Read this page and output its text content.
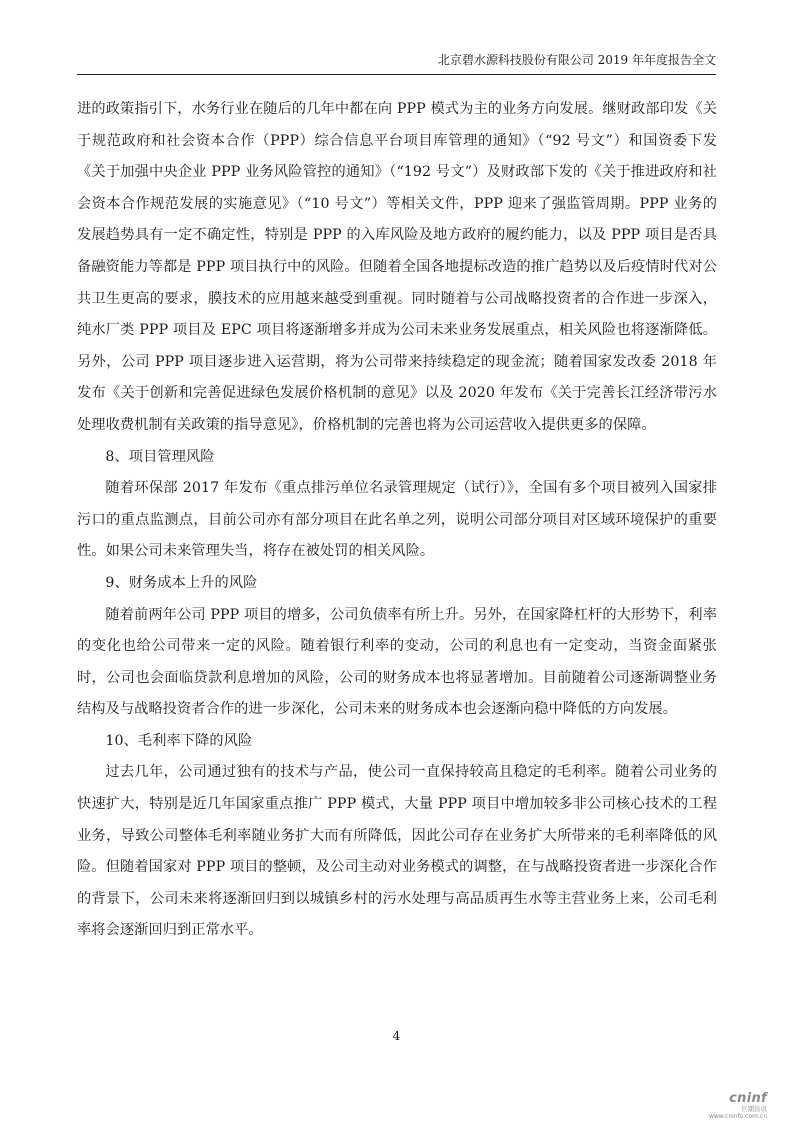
北京碧水源科技股份有限公司 2019 年年度报告全文

进的政策指引下，水务行业在随后的几年中都在向 PPP 模式为主的业务方向发展。继财政部印发《关于规范政府和社会资本合作（PPP）综合信息平台项目库管理的通知》（“92 号文”）和国资委下发《关于加强中央企业 PPP 业务风险管控的通知》（“192 号文”）及财政部下发的《关于推进政府和社会资本合作规范发展的实施意见》（“10 号文”）等相关文件，PPP 迎来了强监管周期。PPP 业务的发展趋势具有一定不确定性，特别是 PPP 的入库风险及地方政府的履约能力，以及 PPP 项目是否具备融资能力等都是 PPP 项目执行中的风险。但随着全国各地提标改造的推广趋势以及后疫情时代对公共卫生更高的要求，膜技术的应用越来越受到重视。同时随着与公司战略投资者的合作进一步深入，纯水厂类 PPP 项目及 EPC 项目将逐渐增多并成为公司未来业务发展重点，相关风险也将逐渐降低。另外，公司 PPP 项目逐步进入运营期，将为公司带来持续稳定的现金流；随着国家发改委 2018 年发布《关于创新和完善促进绿色发展价格机制的意见》以及 2020 年发布《关于完善长江经济带污水处理收费机制有关政策的指导意见》，价格机制的完善也将为公司运营收入提供更多的保障。

8、项目管理风险

随着环保部 2017 年发布《重点排污单位名录管理规定（试行）》，全国有多个项目被列入国家排污口的重点监测点，目前公司亦有部分项目在此名单之列，说明公司部分项目对区域环境保护的重要性。如果公司未来管理失当，将存在被处罚的相关风险。

9、财务成本上升的风险

随着前两年公司 PPP 项目的增多，公司负债率有所上升。另外，在国家降杠杆的大形势下，利率的变化也给公司带来一定的风险。随着银行利率的变动，公司的利息也有一定变动，当资金面紧张时，公司也会面临贷款利息增加的风险，公司的财务成本也将显著增加。目前随着公司逐渐调整业务结构及与战略投资者合作的进一步深化，公司未来的财务成本也会逐渐向稳中降低的方向发展。

10、毛利率下降的风险

过去几年，公司通过独有的技术与产品，使公司一直保持较高且稳定的毛利率。随着公司业务的快速扩大，特别是近几年国家重点推广 PPP 模式，大量 PPP 项目中增加较多非公司核心技术的工程业务，导致公司整体毛利率随业务扩大而有所降低，因此公司存在业务扩大所带来的毛利率降低的风险。但随着国家对 PPP 项目的整顿，及公司主动对业务模式的调整，在与战略投资者进一步深化合作的背景下，公司未来将逐渐回归到以城镇乡村的污水处理与高品质再生水等主营业务上来，公司毛利率将会逐渐回归到正常水平。

4
cninf
巨潮资讯
www.cninfo.com.cn
